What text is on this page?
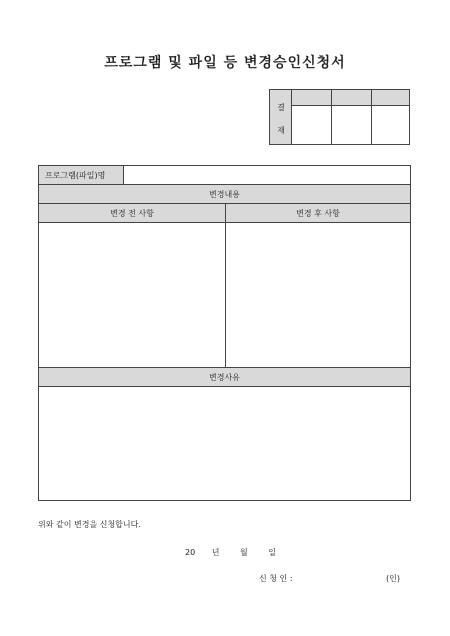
프로그램 및 파일 등 변경승인신청서
결
재
프로그램(파일)명
변경내용
변경 전 사항	변경 후 사항
변경사유
위와 같이 변경을 신청합니다.
20 년	월	일
신 청 인 :	(인)
